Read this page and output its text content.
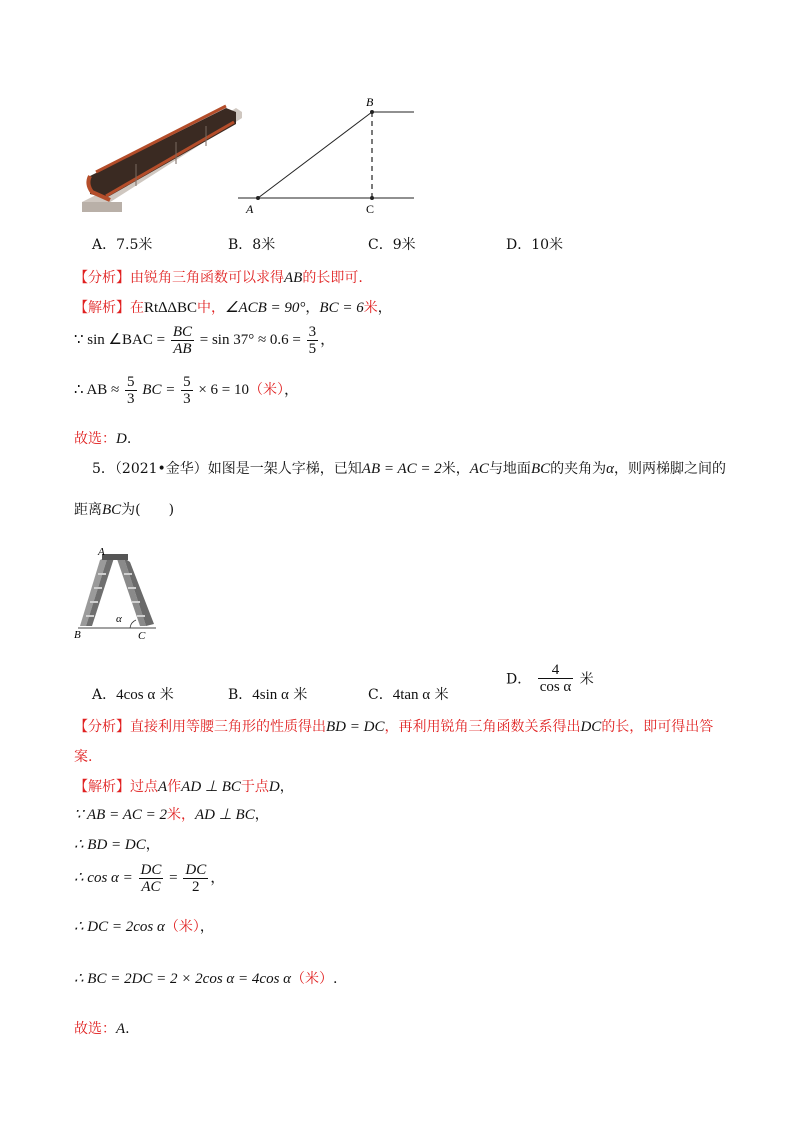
B
A	C
A．7.5米	B．8米	C．9米	D．10米
【分析】由锐角三角函数可以求得AB的长即可.
【解析】在Rt∆ΔBC中，∠ACB = 90°，BC = 6米，
∵ sin ∠BAC = $\frac{BC}{AB} = \sin 37^\circ \approx 0.6 = \frac{3}{5}$ ，
∴ AB ≈ $\frac{5}{3}$ BC = $\frac{5}{3} \times 6 = 10$（米），
故选：D.
5．（2021•金华）如图是一架人字梯，已知AB = AC = 2米，AC与地面BC的夹角为α，则两梯脚之间的
距离BC为(　　)
α
A
B	C
A．4cos α 米	B．4sin α 米	C．4tan α 米
D． $\frac{4}{\text{cos α}}$ 米
【分析】直接利用等腰三角形的性质得出BD = DC，再利用锐角三角函数关系得出DC的长，即可得出答
案.
【解析】过点A作AD ⊥ BC于点D，
∵ AB = AC = 2米，AD ⊥ BC，
∴ BD = DC，
∴ $\cos \alpha = \frac{DC}{AC} = \frac{DC}{2}$ ，
∴ DC = 2cos α（米），
∴ BC = 2DC = 2 × 2cos α = 4cos α（米）.
故选：A.
